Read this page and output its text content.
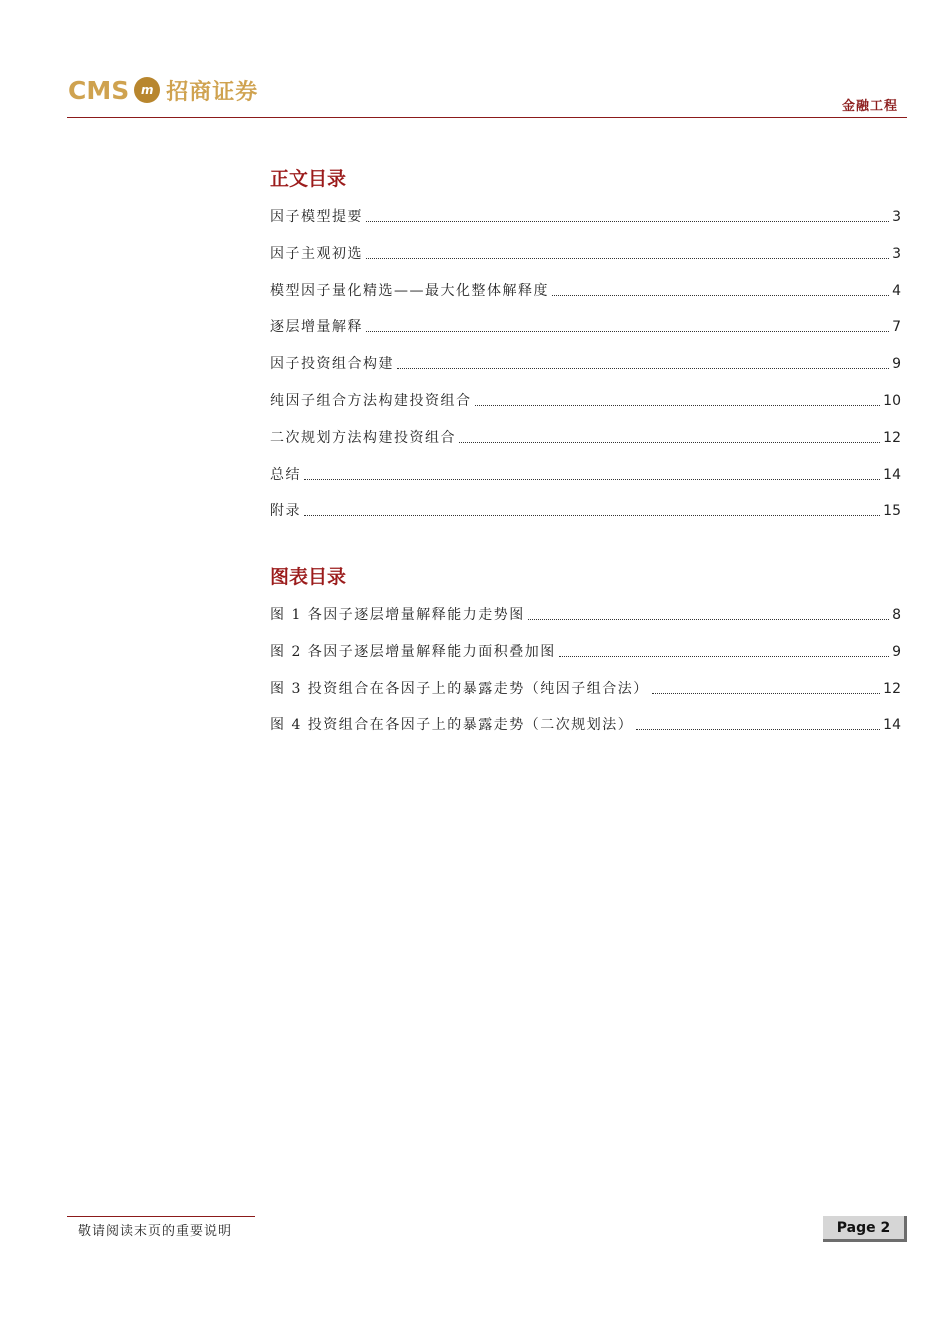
CMS m 招商证券
金融工程
正文目录
因子模型提要	3
因子主观初选	3
模型因子量化精选——最大化整体解释度	4
逐层增量解释	7
因子投资组合构建	9
纯因子组合方法构建投资组合	10
二次规划方法构建投资组合	12
总结	14
附录	15
图表目录
图 1 各因子逐层增量解释能力走势图	8
图 2 各因子逐层增量解释能力面积叠加图	9
图 3 投资组合在各因子上的暴露走势（纯因子组合法）	12
图 4 投资组合在各因子上的暴露走势（二次规划法）	14
敬请阅读末页的重要说明	Page 2
